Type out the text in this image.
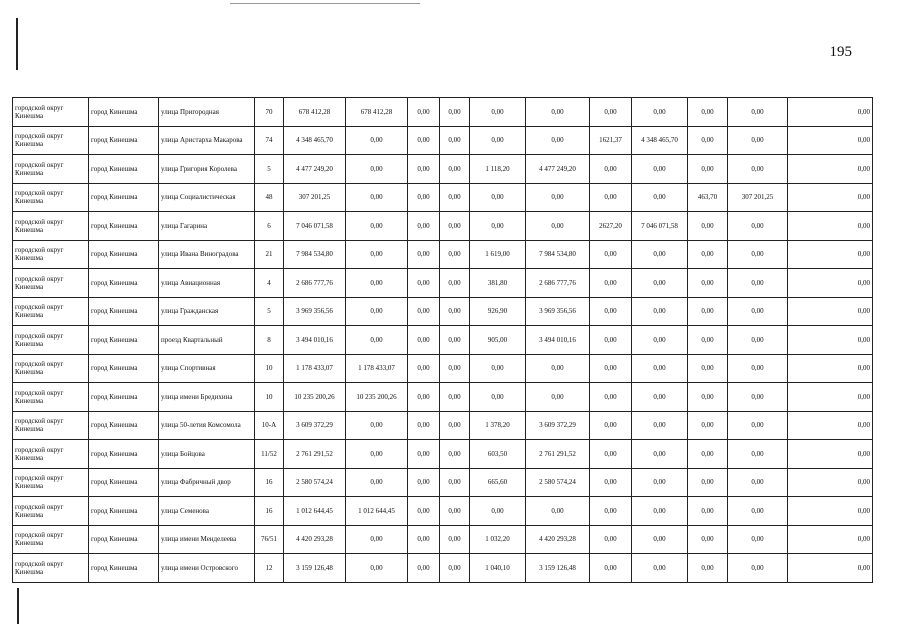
195
городской округ Кинешма	город Кинешма	улица Пригородная	70	678 412,28	678 412,28	0,00	0,00	0,00	0,00	0,00	0,00	0,00	0,00	0,00
городской округ Кинешма	город Кинешма	улица Аристарха Макарова	74	4 348 465,70	0,00	0,00	0,00	0,00	0,00	1621,37	4 348 465,70	0,00	0,00	0,00
городской округ Кинешма	город Кинешма	улица Григория Королева	5	4 477 249,20	0,00	0,00	0,00	1 118,20	4 477 249,20	0,00	0,00	0,00	0,00	0,00
городской округ Кинешма	город Кинешма	улица Социалистическая	48	307 201,25	0,00	0,00	0,00	0,00	0,00	0,00	0,00	463,70	307 201,25	0,00
городской округ Кинешма	город Кинешма	улица Гагарина	6	7 046 071,58	0,00	0,00	0,00	0,00	0,00	2627,20	7 046 071,58	0,00	0,00	0,00
городской округ Кинешма	город Кинешма	улица Ивана Виноградова	21	7 984 534,80	0,00	0,00	0,00	1 619,00	7 984 534,80	0,00	0,00	0,00	0,00	0,00
городской округ Кинешма	город Кинешма	улица Авиационная	4	2 686 777,76	0,00	0,00	0,00	381,80	2 686 777,76	0,00	0,00	0,00	0,00	0,00
городской округ Кинешма	город Кинешма	улица Гражданская	5	3 969 356,56	0,00	0,00	0,00	926,90	3 969 356,56	0,00	0,00	0,00	0,00	0,00
городской округ Кинешма	город Кинешма	проезд Квартальный	8	3 494 010,16	0,00	0,00	0,00	905,00	3 494 010,16	0,00	0,00	0,00	0,00	0,00
городской округ Кинешма	город Кинешма	улица Спортивная	10	1 178 433,07	1 178 433,07	0,00	0,00	0,00	0,00	0,00	0,00	0,00	0,00	0,00
городской округ Кинешма	город Кинешма	улица имени Бредихина	10	10 235 200,26	10 235 200,26	0,00	0,00	0,00	0,00	0,00	0,00	0,00	0,00	0,00
городской округ Кинешма	город Кинешма	улица 50-летия Комсомола	10-А	3 609 372,29	0,00	0,00	0,00	1 378,20	3 609 372,29	0,00	0,00	0,00	0,00	0,00
городской округ Кинешма	город Кинешма	улица Бойцова	11/52	2 761 291,52	0,00	0,00	0,00	603,50	2 761 291,52	0,00	0,00	0,00	0,00	0,00
городской округ Кинешма	город Кинешма	улица Фабричный двор	16	2 580 574,24	0,00	0,00	0,00	665,60	2 580 574,24	0,00	0,00	0,00	0,00	0,00
городской округ Кинешма	город Кинешма	улица Семенова	16	1 012 644,45	1 012 644,45	0,00	0,00	0,00	0,00	0,00	0,00	0,00	0,00	0,00
городской округ Кинешма	город Кинешма	улица имени Менделеева	76/51	4 420 293,28	0,00	0,00	0,00	1 032,20	4 420 293,28	0,00	0,00	0,00	0,00	0,00
городской округ Кинешма	город Кинешма	улица имени Островского	12	3 159 126,48	0,00	0,00	0,00	1 040,10	3 159 126,48	0,00	0,00	0,00	0,00	0,00
